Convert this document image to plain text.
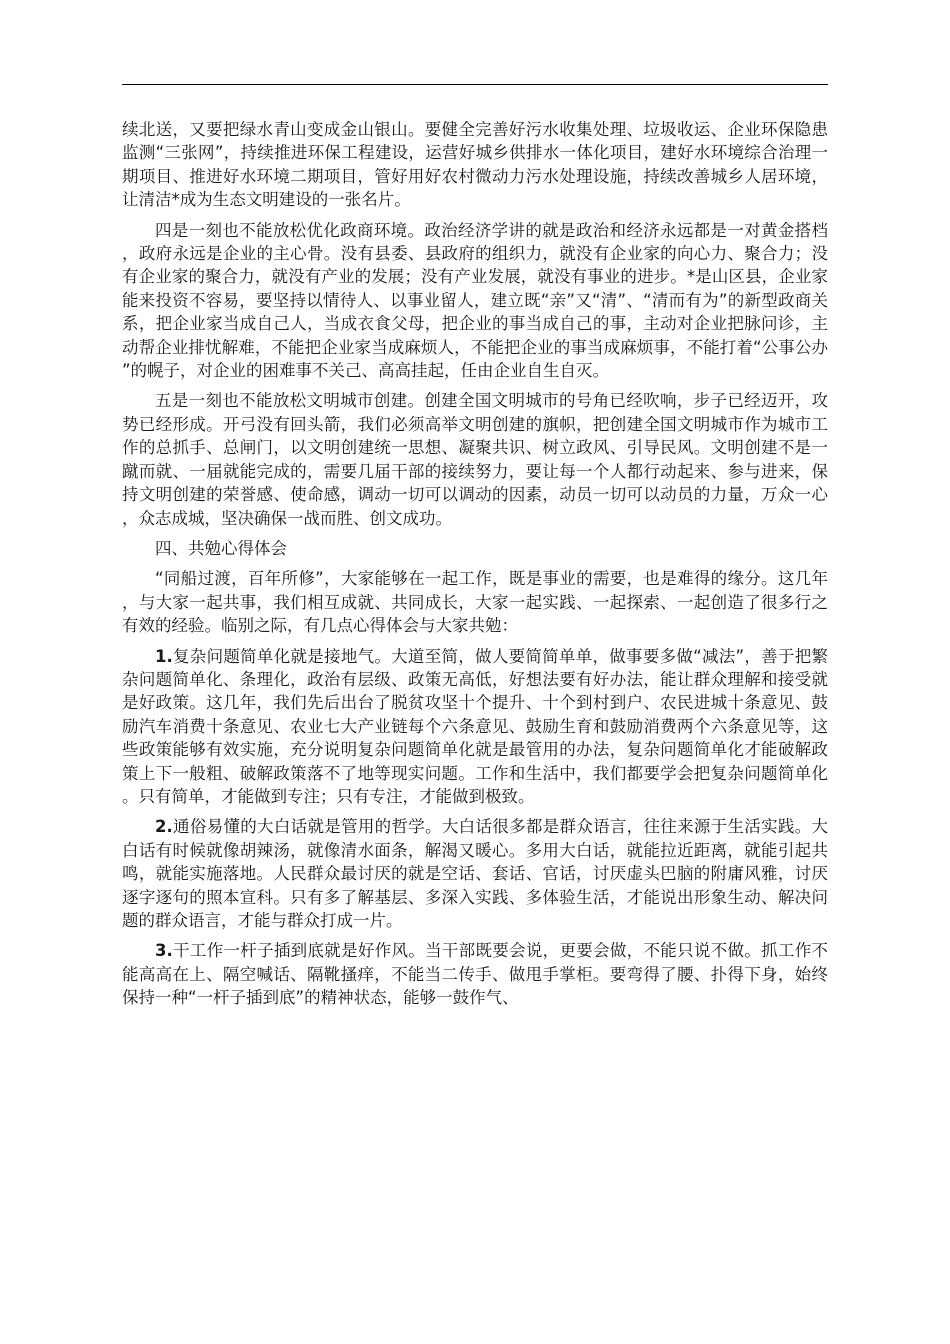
续北送，又要把绿水青山变成金山银山。要健全完善好污水收集处理、垃圾收运、企业环保隐患监测“三张网”，持续推进环保工程建设，运营好城乡供排水一体化项目，建好水环境综合治理一期项目、推进好水环境二期项目，管好用好农村微动力污水处理设施，持续改善城乡人居环境，让清洁*成为生态文明建设的一张名片。

四是一刻也不能放松优化政商环境。政治经济学讲的就是政治和经济永远都是一对黄金搭档，政府永远是企业的主心骨。没有县委、县政府的组织力，就没有企业家的向心力、聚合力；没有企业家的聚合力，就没有产业的发展；没有产业发展，就没有事业的进步。*是山区县，企业家能来投资不容易，要坚持以情待人、以事业留人，建立既“亲”又“清”、“清而有为”的新型政商关系，把企业家当成自己人，当成衣食父母，把企业的事当成自己的事，主动对企业把脉问诊，主动帮企业排忧解难，不能把企业家当成麻烦人，不能把企业的事当成麻烦事，不能打着“公事公办”的幌子，对企业的困难事不关己、高高挂起，任由企业自生自灭。

五是一刻也不能放松文明城市创建。创建全国文明城市的号角已经吹响，步子已经迈开，攻势已经形成。开弓没有回头箭，我们必须高举文明创建的旗帜，把创建全国文明城市作为城市工作的总抓手、总闸门，以文明创建统一思想、凝聚共识、树立政风、引导民风。文明创建不是一蹴而就、一届就能完成的，需要几届干部的接续努力，要让每一个人都行动起来、参与进来，保持文明创建的荣誉感、使命感，调动一切可以调动的因素，动员一切可以动员的力量，万众一心，众志成城，坚决确保一战而胜、创文成功。

四、共勉心得体会

“同船过渡，百年所修”，大家能够在一起工作，既是事业的需要，也是难得的缘分。这几年，与大家一起共事，我们相互成就、共同成长，大家一起实践、一起探索、一起创造了很多行之有效的经验。临别之际，有几点心得体会与大家共勉：

1.复杂问题简单化就是接地气。大道至简，做人要简简单单，做事要多做“减法”，善于把繁杂问题简单化、条理化，政治有层级、政策无高低，好想法要有好办法，能让群众理解和接受就是好政策。这几年，我们先后出台了脱贫攻坚十个提升、十个到村到户、农民进城十条意见、鼓励汽车消费十条意见、农业七大产业链每个六条意见、鼓励生育和鼓励消费两个六条意见等，这些政策能够有效实施，充分说明复杂问题简单化就是最管用的办法，复杂问题简单化才能破解政策上下一般粗、破解政策落不了地等现实问题。工作和生活中，我们都要学会把复杂问题简单化。只有简单，才能做到专注；只有专注，才能做到极致。

2.通俗易懂的大白话就是管用的哲学。大白话很多都是群众语言，往往来源于生活实践。大白话有时候就像胡辣汤，就像清水面条，解渴又暖心。多用大白话，就能拉近距离，就能引起共鸣，就能实施落地。人民群众最讨厌的就是空话、套话、官话，讨厌虚头巴脑的附庸风雅，讨厌逐字逐句的照本宣科。只有多了解基层、多深入实践、多体验生活，才能说出形象生动、解决问题的群众语言，才能与群众打成一片。

3.干工作一杆子插到底就是好作风。当干部既要会说，更要会做，不能只说不做。抓工作不能高高在上、隔空喊话、隔靴搔痒，不能当二传手、做甩手掌柜。要弯得了腰、扑得下身，始终保持一种“一杆子插到底”的精神状态，能够一鼓作气、
